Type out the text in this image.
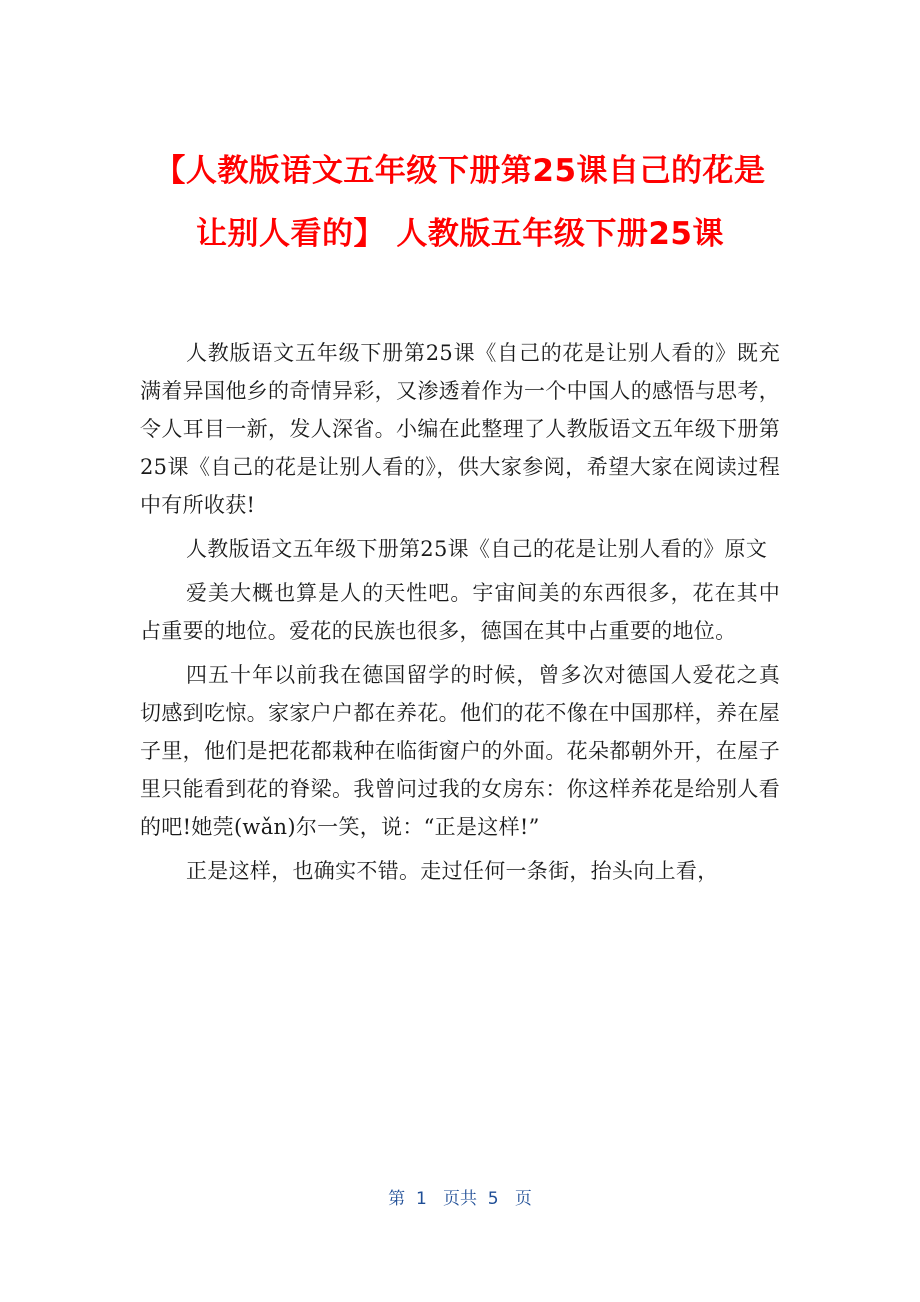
【人教版语文五年级下册第25课自己的花是
让别人看的】 人教版五年级下册25课

人教版语文五年级下册第25课《自己的花是让别人看的》既充满着异国他乡的奇情异彩，又渗透着作为一个中国人的感悟与思考，令人耳目一新，发人深省。小编在此整理了人教版语文五年级下册第25课《自己的花是让别人看的》，供大家参阅，希望大家在阅读过程中有所收获!

人教版语文五年级下册第25课《自己的花是让别人看的》原文

爱美大概也算是人的天性吧。宇宙间美的东西很多，花在其中占重要的地位。爱花的民族也很多，德国在其中占重要的地位。

四五十年以前我在德国留学的时候，曾多次对德国人爱花之真切感到吃惊。家家户户都在养花。他们的花不像在中国那样，养在屋子里，他们是把花都栽种在临街窗户的外面。花朵都朝外开，在屋子里只能看到花的脊梁。我曾问过我的女房东：你这样养花是给别人看的吧!她莞(wǎn)尔一笑，说：“正是这样!”

正是这样，也确实不错。走过任何一条街，抬头向上看，

第  1   页共  5   页
